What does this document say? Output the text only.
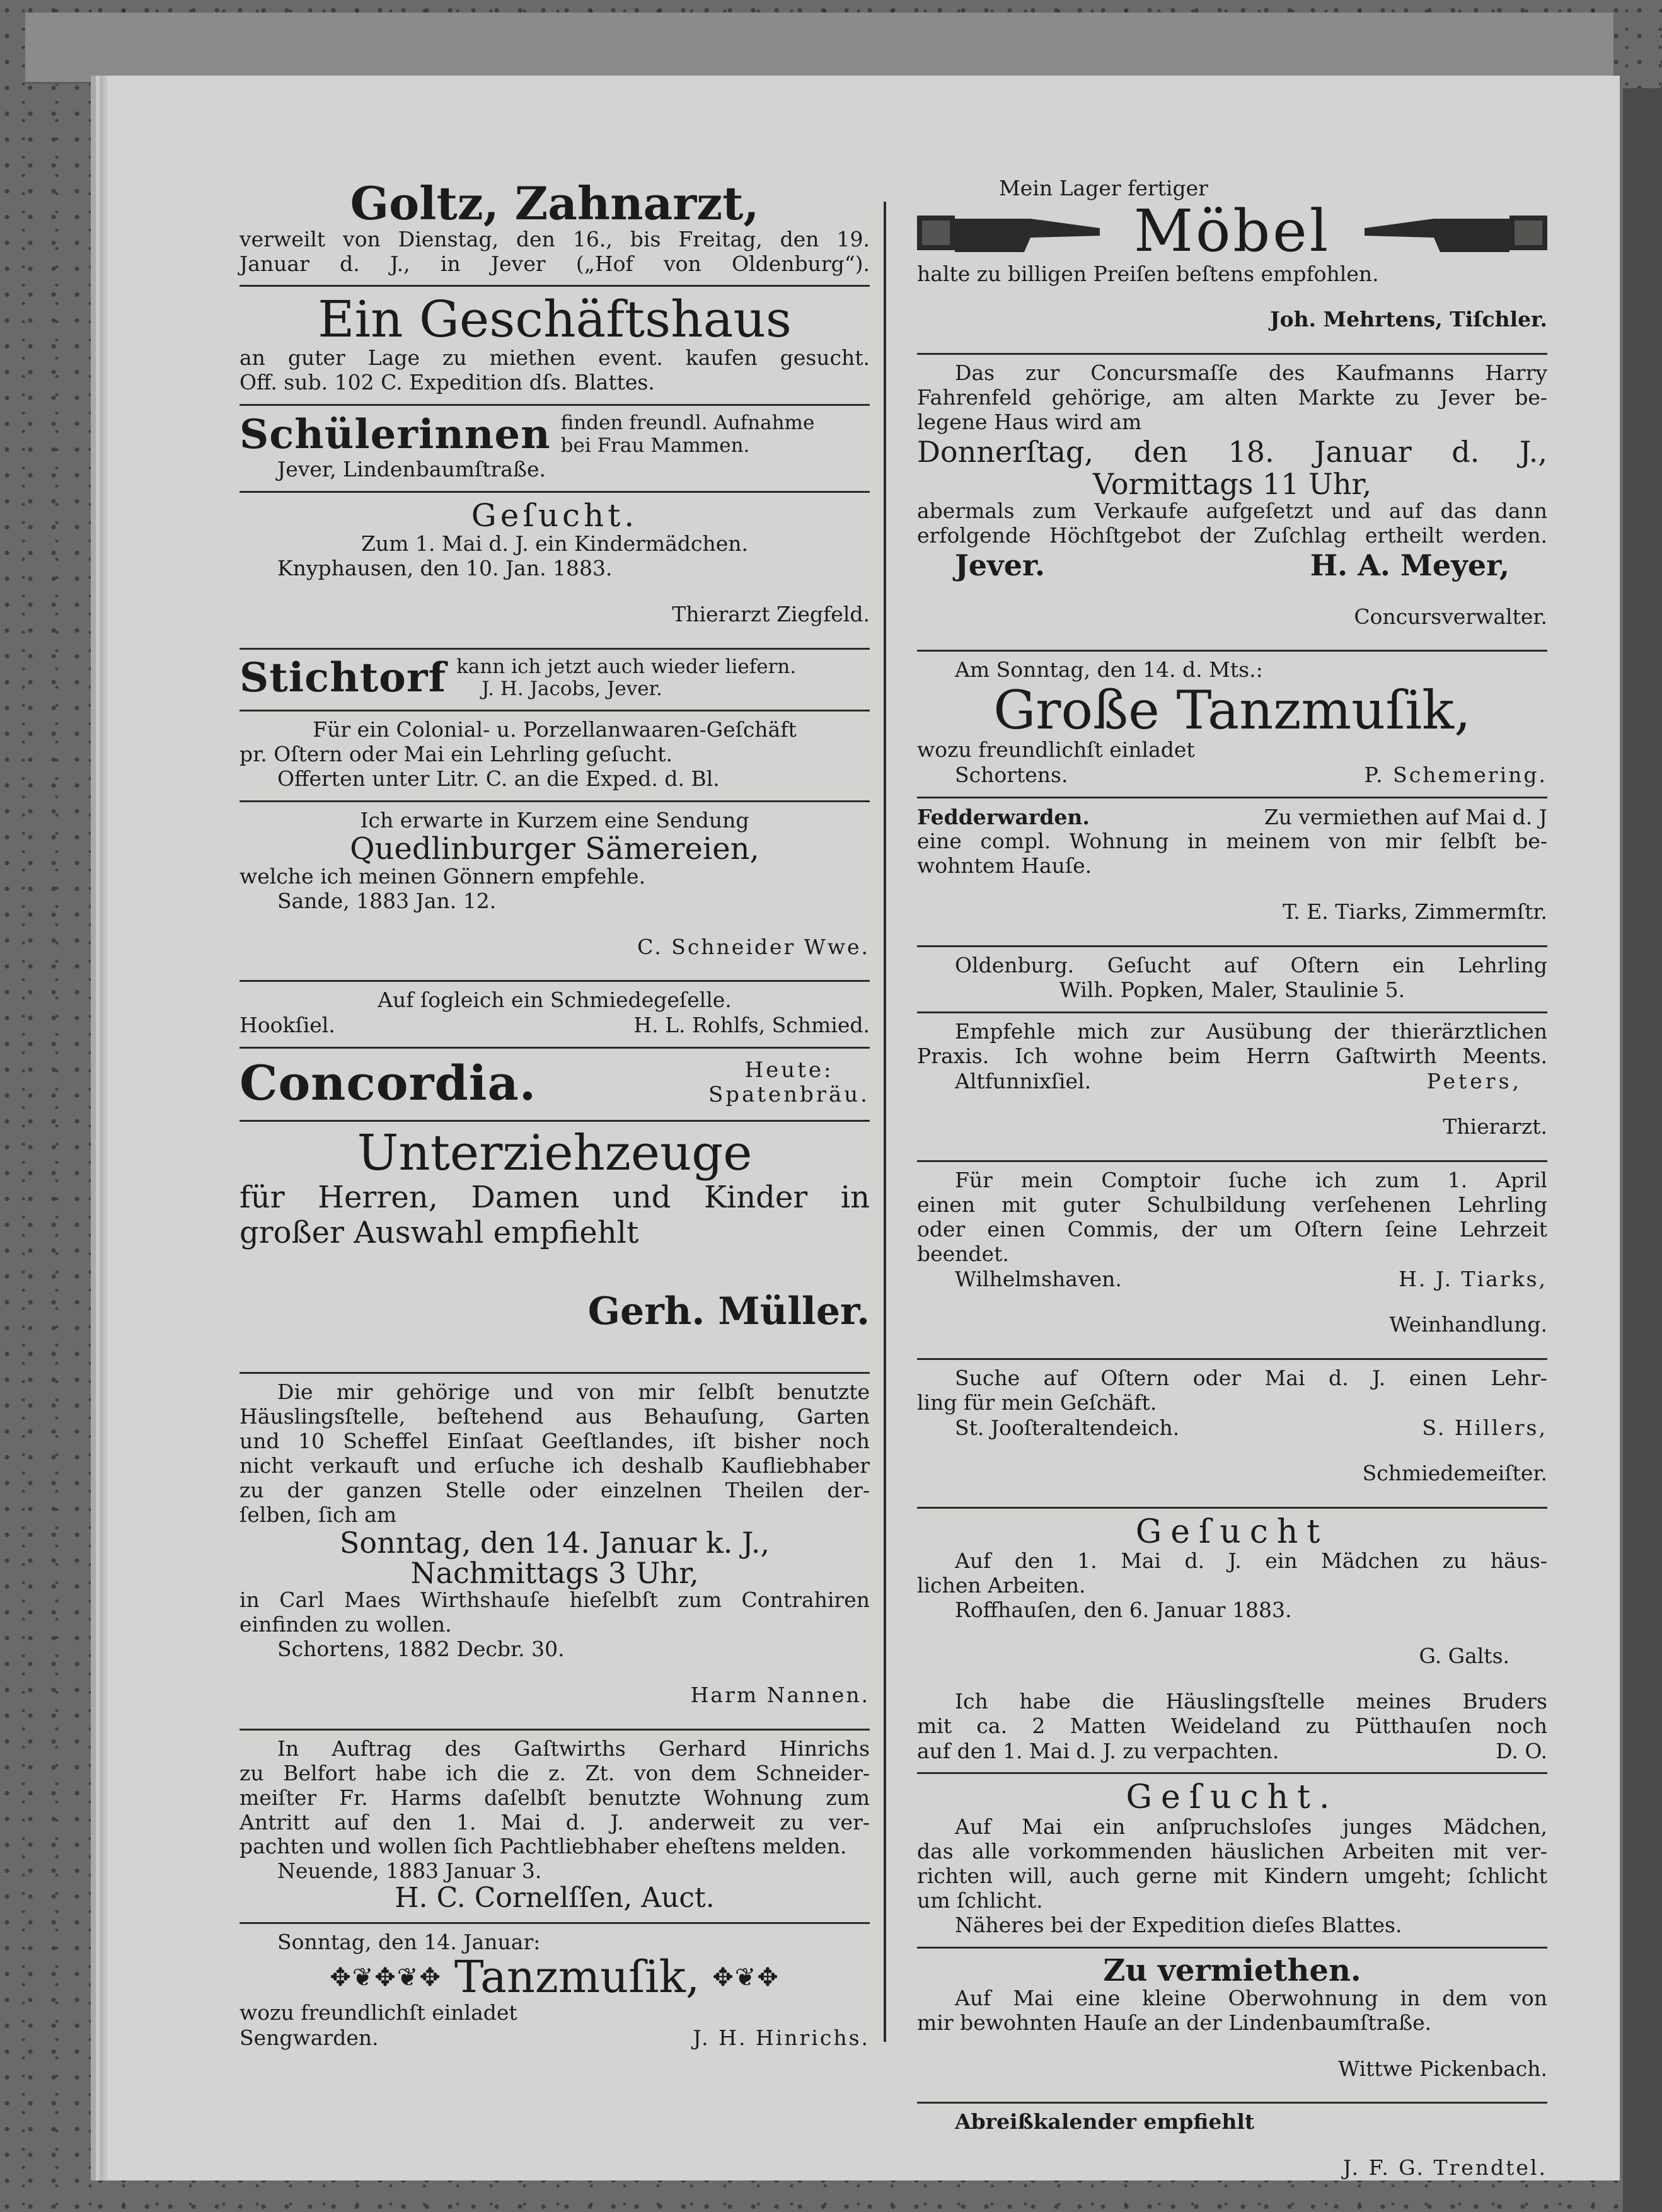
Goltz, Zahnarzt,

verweilt von Dienstag, den 16., bis Freitag, den 19.

Januar d. J., in Jever („Hof von Oldenburg“).

Ein Geschäftshaus

an guter Lage zu miethen event. kaufen gesucht.

Off. sub. 102 C. Expedition dſs. Blattes.

Schülerinnen finden freundl. Aufnahme
bei Frau Mammen.

Jever, Lindenbaumſtraße.

Geſucht.

Zum 1. Mai d. J. ein Kindermädchen.

Knyphausen, den 10. Jan. 1883.

Thierarzt Ziegfeld.

Stichtorf kann ich jetzt auch wieder liefern.
J. H. Jacobs, Jever.

Für ein Colonial- u. Porzellanwaaren-Geſchäft

pr. Oſtern oder Mai ein Lehrling geſucht.

Offerten unter Litr. C. an die Exped. d. Bl.

Ich erwarte in Kurzem eine Sendung

Quedlinburger Sämereien,

welche ich meinen Gönnern empfehle.

Sande, 1883 Jan. 12.

C. Schneider Wwe.

Auf ſogleich ein Schmiedegeſelle.

Hookſiel.	H. L. Rohlfs, Schmied.
Concordia.	Heute:
Spatenbräu.

Unterziehzeuge

für Herren, Damen und Kinder in

großer Auswahl empfiehlt

Gerh. Müller.

Die mir gehörige und von mir ſelbſt benutzte

Häuslingsſtelle, beſtehend aus Behauſung, Garten

und 10 Scheffel Einſaat Geeſtlandes, iſt bisher noch

nicht verkauft und erſuche ich deshalb Kaufliebhaber

zu der ganzen Stelle oder einzelnen Theilen der-

ſelben, ſich am

Sonntag, den 14. Januar k. J.,

Nachmittags 3 Uhr,

in Carl Maes Wirthshauſe hieſelbſt zum Contrahiren

einfinden zu wollen.

Schortens, 1882 Decbr. 30.

Harm Nannen.

In Auftrag des Gaſtwirths Gerhard Hinrichs

zu Belfort habe ich die z. Zt. von dem Schneider-

meiſter Fr. Harms daſelbſt benutzte Wohnung zum

Antritt auf den 1. Mai d. J. anderweit zu ver-

pachten und wollen ſich Pachtliebhaber eheſtens melden.

Neuende, 1883 Januar 3.

H. C. Cornelſſen, Auct.

Sonntag, den 14. Januar:

✥❦✥❦✥ Tanzmuſik, ✥❦✥

wozu freundlichſt einladet

Sengwarden.	J. H. Hinrichs.

Mein Lager fertiger

Möbel

halte zu billigen Preiſen beſtens empfohlen.

Joh. Mehrtens, Tiſchler.

Das zur Concursmaſſe des Kaufmanns Harry

Fahrenfeld gehörige, am alten Markte zu Jever be-

legene Haus wird am

Donnerſtag, den 18. Januar d. J.,

Vormittags 11 Uhr,

abermals zum Verkaufe aufgeſetzt und auf das dann

erfolgende Höchſtgebot der Zuſchlag ertheilt werden.

Jever.	H. A. Meyer,

Concursverwalter.

Am Sonntag, den 14. d. Mts.:

Große Tanzmuſik,

wozu freundlichſt einladet

Schortens.	P. Schemering.
Fedderwarden.	Zu vermiethen auf Mai d. J

eine compl. Wohnung in meinem von mir ſelbſt be-

wohntem Hauſe.

T. E. Tiarks, Zimmermſtr.

Oldenburg. Geſucht auf Oſtern ein Lehrling

Wilh. Popken, Maler, Staulinie 5.

Empfehle mich zur Ausübung der thierärztlichen

Praxis. Ich wohne beim Herrn Gaſtwirth Meents.

Altfunnixſiel.	Peters,

Thierarzt.

Für mein Comptoir ſuche ich zum 1. April

einen mit guter Schulbildung verſehenen Lehrling

oder einen Commis, der um Oſtern ſeine Lehrzeit

beendet.

Wilhelmshaven.	H. J. Tiarks,

Weinhandlung.

Suche auf Oſtern oder Mai d. J. einen Lehr-

ling für mein Geſchäft.

St. Jooſteraltendeich.	S. Hillers,

Schmiedemeiſter.

Geſucht

Auf den 1. Mai d. J. ein Mädchen zu häus-

lichen Arbeiten.

Roffhauſen, den 6. Januar 1883.

G. Galts.

Ich habe die Häuslingsſtelle meines Bruders

mit ca. 2 Matten Weideland zu Pütthauſen noch

auf den 1. Mai d. J. zu verpachten.	D. O.

Geſucht.

Auf Mai ein anſpruchsloſes junges Mädchen,

das alle vorkommenden häuslichen Arbeiten mit ver-

richten will, auch gerne mit Kindern umgeht; ſchlicht

um ſchlicht.

Näheres bei der Expedition dieſes Blattes.

Zu vermiethen.

Auf Mai eine kleine Oberwohnung in dem von

mir bewohnten Hauſe an der Lindenbaumſtraße.

Wittwe Pickenbach.

Abreißkalender empfiehlt

J. F. G. Trendtel.
